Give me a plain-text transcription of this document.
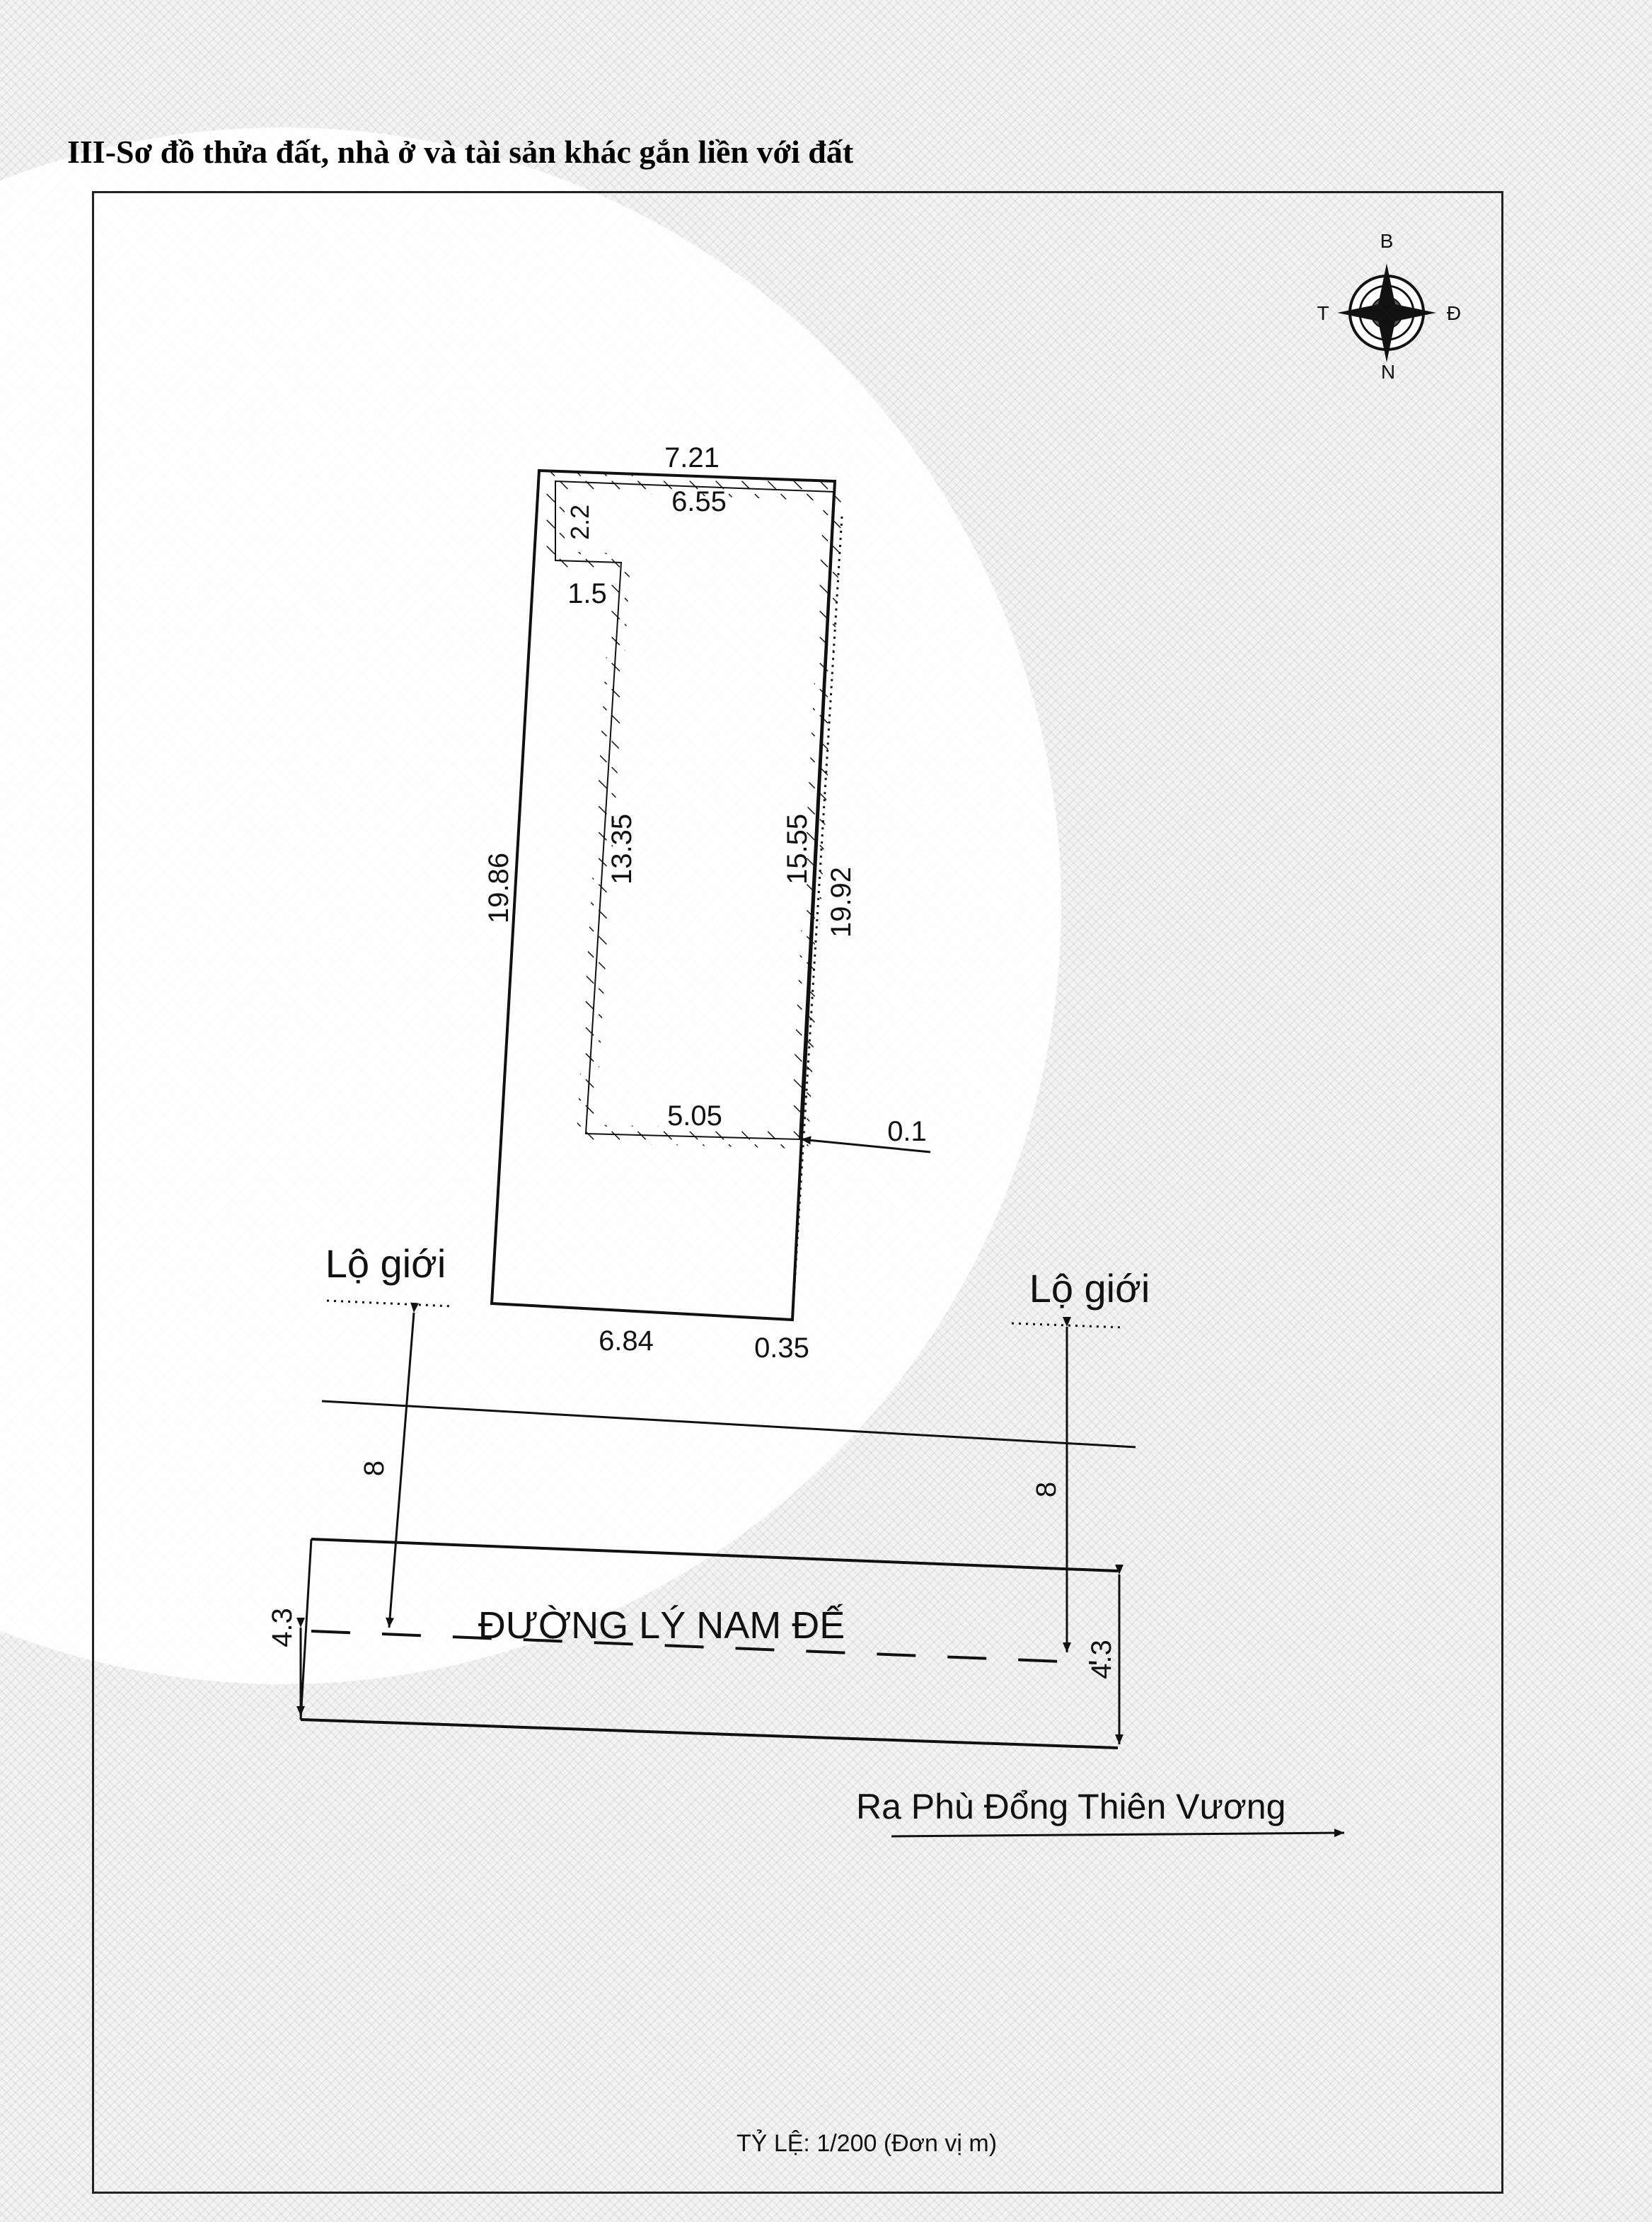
III-Sơ đồ thửa đất, nhà ở và tài sản khác gắn liền với đất
B
T	Đ
N
7.21
19.86	19.92
6.84	0.35
6.55
2.2
1.5
13.35	15.55
5.05	0.1
Lộ giới
Lộ giới
8
8
4.3
4.3
ĐƯỜNG LÝ NAM ĐẾ
Ra Phù Đổng Thiên Vương
TỶ LỆ: 1/200 (Đơn vị m)
